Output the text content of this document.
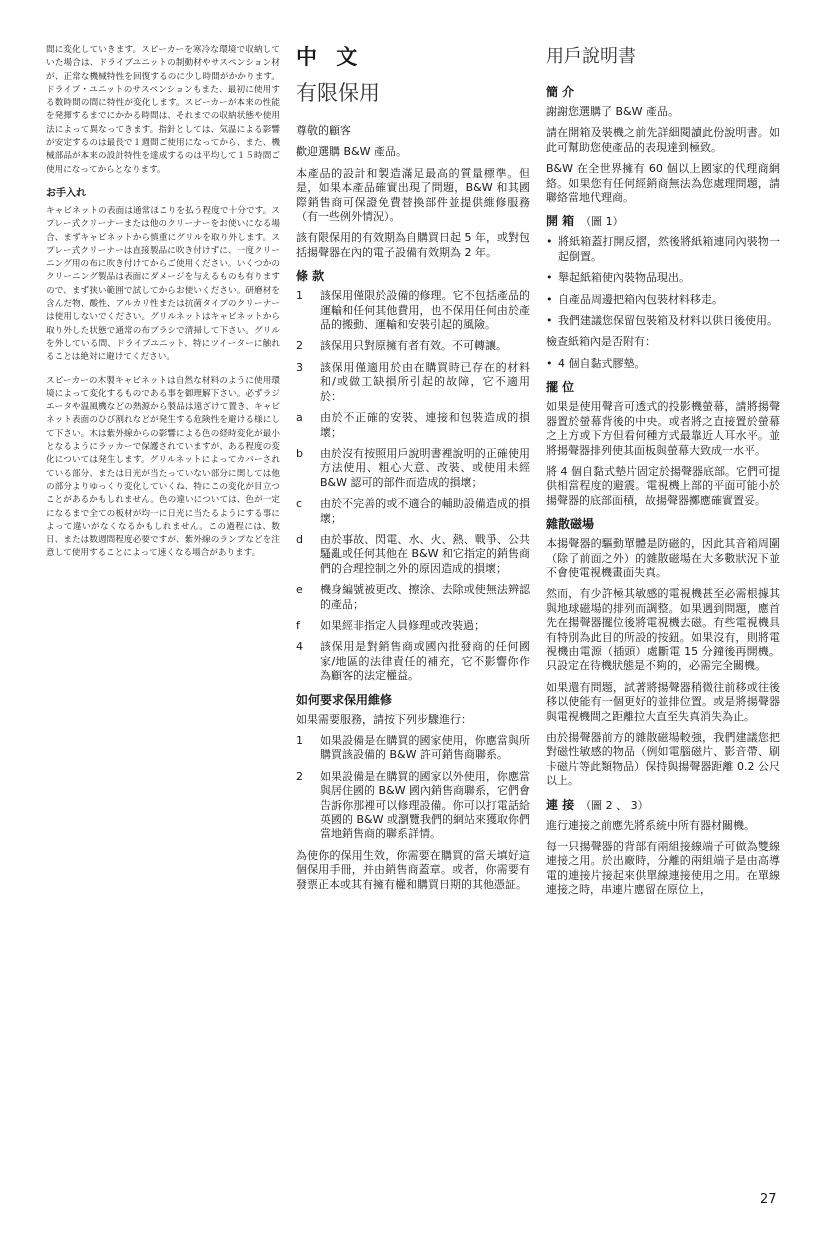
間に変化していきます。スピーカーを寒冷な環境で収納していた場合は、ドライブユニットの制動材やサスペンション材が、正常な機械特性を回復するのに少し時間がかかります。ドライブ・ユニットのサスペンションもまた、最初に使用する数時間の間に特性が変化します。スピーカーが本来の性能を発揮するまでにかかる時間は、それまでの収納状態や使用法によって異なってきます。指針としては、気温による影響が安定するのは最長で１週間ご使用になってから、また、機械部品が本来の設計特性を達成するのは平均して１５時間ご使用になってからとなります。

お手入れ

キャビネットの表面は通常ほこりを払う程度で十分です。スプレー式クリーナーまたは他のクリーナーをお使いになる場合、まずキャビネットから慎重にグリルを取り外します。スプレー式クリーナーは直接製品に吹き付けずに、一度クリーニング用の布に吹き付けてからご使用ください。いくつかのクリーニング製品は表面にダメージを与えるものも有りますので、まず狭い範囲で試してからお使いください。研磨材を含んだ物、酸性、アルカリ性または抗菌タイプのクリーナーは使用しないでください。グリルネットはキャビネットから取り外した状態で通常の布ブラシで清掃して下さい。グリルを外している間、ドライブユニット、特にツイーターに触れることは絶対に避けてください。

スピーカーの木製キャビネットは自然な材料のように使用環境によって変化するものである事を御理解下さい。必ずラジエータや温風機などの熱源から製品は遠ざけて置き、キャビネット表面のひび割れなどが発生する危険性を避ける様にして下さい。木は紫外線からの影響による色の経時変化が最小となるようにラッカーで保護されていますが、ある程度の変化については発生します。グリルネットによってカバーされている部分、または日光が当たっていない部分に関しては他の部分よりゆっくり変化していくね、特にこの変化が目立つことがあるかもしれません。色の違いについては、色が一定になるまで全ての板材が均一に日光に当たるようにする事によって違いがなくなるかもしれません。この過程には、数日、または数週間程度必要ですが、紫外線のランプなどを注意して使用することによって速くなる場合があります。

中 文
有限保用

尊敬的顧客

歡迎選購 B&W 產品。

本產品的設計和製造滿足最高的質量標準。但是，如果本產品確實出現了問題，B&W 和其國際銷售商可保證免費替換部件並提供維修服務（有一些例外情況）。

該有限保用的有效期為自購買日起 5 年，或對包括揚聲器在內的電子設備有效期為 2 年。

條 款
1	該保用僅限於設備的修理。它不包括產品的運輸和任何其他費用，也不保用任何由於產品的搬動、運輸和安裝引起的風險。
2	該保用只對原擁有者有效。不可轉讓。
3	該保用僅適用於由在購買時已存在的材料和/或做工缺損所引起的故障，它不適用於：
a	由於不正確的安裝、連接和包裝造成的損壞；
b	由於沒有按照用戶說明書裡說明的正確使用方法使用、粗心大意、改裝、或使用未經 B&W 認可的部件而造成的損壞；
c	由於不完善的或不適合的輔助設備造成的損壞；
d	由於事故、閃電、水、火、熱、戰爭、公共騷亂或任何其他在 B&W 和它指定的銷售商們的合理控制之外的原因造成的損壞；
e	機身編號被更改、擦涂、去除或使無法辨認的產品；
f	如果經非指定人員修理或改裝過；
4	該保用是對銷售商或國內批發商的任何國家/地區的法律責任的補充，它不影響你作為顧客的法定權益。
如何要求保用維修

如果需要服務，請按下列步驟進行：

1	如果設備是在購買的國家使用，你應當與所購買該設備的 B&W 許可銷售商聯系。
2	如果設備是在購買的國家以外使用，你應當與居住國的 B&W 國內銷售商聯系，它們會告訴你那裡可以修理設備。你可以打電話給英國的 B&W 或瀏覽我們的網站來獲取你們當地銷售商的聯系詳情。

為使你的保用生效，你需要在購買的當天填好這個保用手冊，并由銷售商蓋章。或者，你需要有發票正本或其有擁有權和購買日期的其他憑証。

用戶說明書
簡 介

謝謝您選購了 B&W 產品。

請在開箱及裝機之前先詳細閱讀此份說明書。如此可幫助您使產品的表現達到極致。

B&W 在全世界擁有 60 個以上國家的代理商網絡。如果您有任何經銷商無法為您處理問題，請聯絡當地代理商。

開 箱 （圖 1）
• 將紙箱蓋打開反摺，然後將紙箱連同內裝物一起倒置。
• 舉起紙箱使內裝物品現出。
• 自產品周邊把箱內包裝材料移走。
• 我們建議您保留包裝箱及材料以供日後使用。

檢查紙箱內是否附有：

• 4 個自黏式膠墊。
擺 位

如果是使用聲音可透式的投影機螢幕，請將揚聲器置於螢幕背後的中央。或者將之直接置於螢幕之上方或下方但看何種方式最靠近人耳水平。並將揚聲器排列使其面板與螢幕大致成一水平。

將 4 個自黏式墊片固定於揚聲器底部。它們可提供相當程度的避震。電視機上部的平面可能小於揚聲器的底部面積，故揚聲器擲應確實置妥。

雜散磁場

本揚聲器的驅動單體是防磁的，因此其音箱周圍（除了前面之外）的雜散磁場在大多數狀況下並不會使電視機畫面失真。

然而，有少許極其敏感的電視機甚至必需根據其與地球磁場的排列而調整。如果遇到問題，應首先在揚聲器擺位後將電視機去磁。有些電視機具有特別為此目的所設的按鈕。如果沒有，則將電視機由電源（插頭）處斷電 15 分鐘後再開機。只設定在待機狀態是不夠的，必需完全關機。

如果還有問題，試著將揚聲器稍微往前移或往後移以使能有一個更好的並排位置。或是將揚聲器與電視機間之距離拉大直至失真消失為止。

由於揚聲器前方的雜散磁場較強，我們建議您把對磁性敏感的物品（例如電腦磁片、影音帶、刷卡磁片等此類物品）保持與揚聲器距離 0.2 公尺以上。

連 接 （圖 2 、 3）

進行連接之前應先將系統中所有器材關機。

每一只揚聲器的背部有兩組接線端子可做為雙線連接之用。於出廠時，分離的兩組端子是由高導電的連接片接起來供單線連接使用之用。在單線連接之時，串連片應留在原位上，

27
